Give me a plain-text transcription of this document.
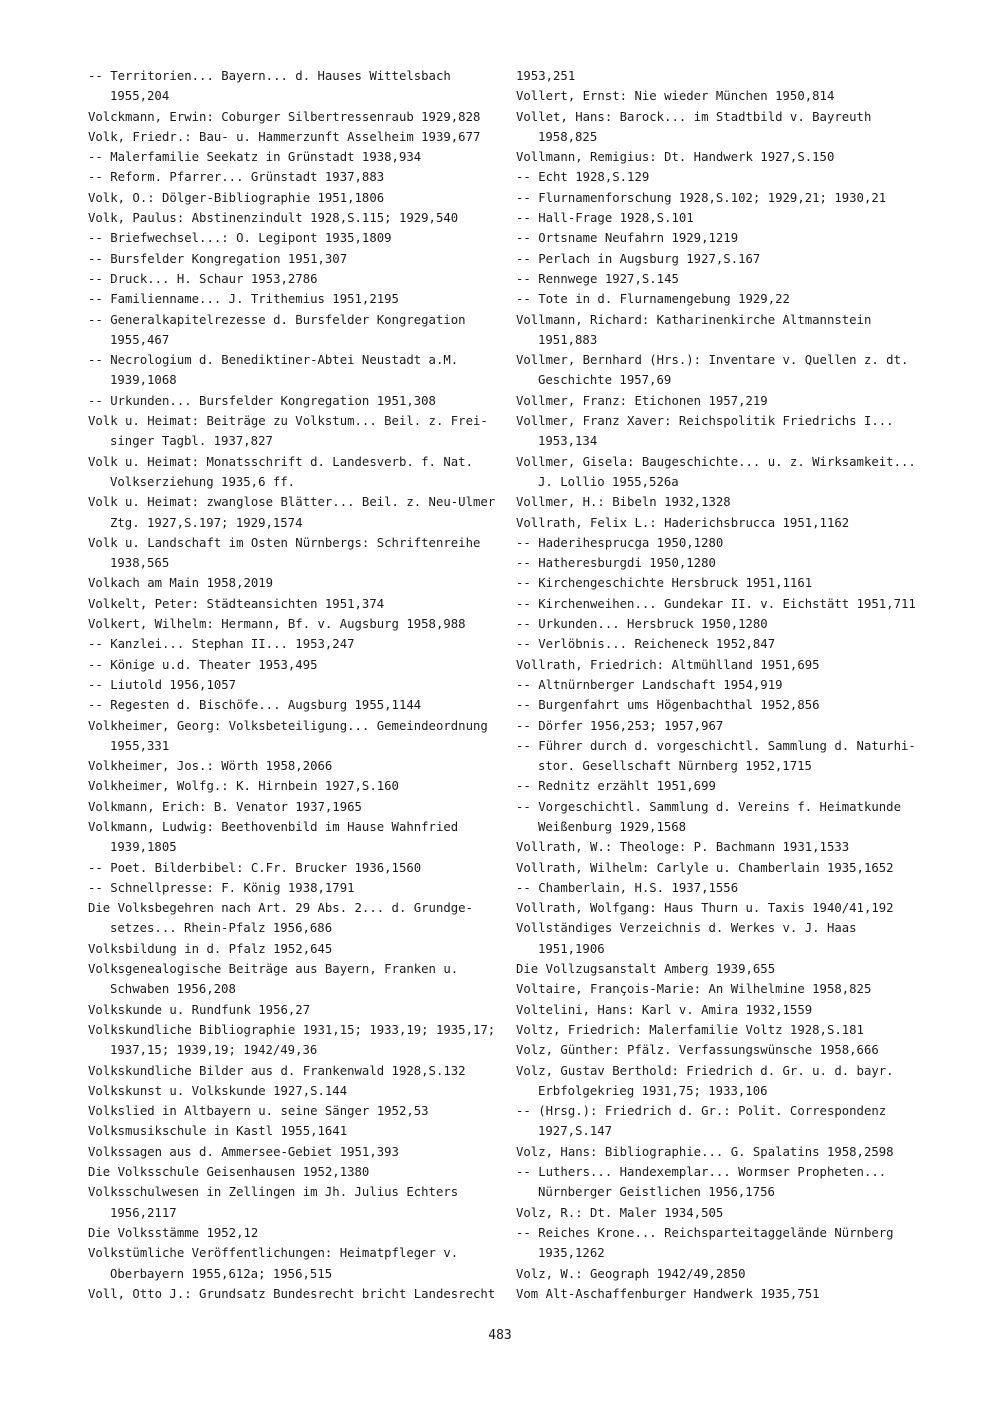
-- Territorien... Bayern... d. Hauses Wittelsbach 1955,204
Volckmann, Erwin: Coburger Silbertressenraub 1929,828
Volk, Friedr.: Bau- u. Hammerzunft Asselheim 1939,677
-- Malerfamilie Seekatz in Grünstadt 1938,934
-- Reform. Pfarrer... Grünstadt 1937,883
Volk, O.: Dölger-Bibliographie 1951,1806
Volk, Paulus: Abstinenzindult 1928,S.115; 1929,540
-- Briefwechsel...: O. Legipont 1935,1809
-- Bursfelder Kongregation 1951,307
-- Druck... H. Schaur 1953,2786
-- Familienname... J. Trithemius 1951,2195
-- Generalkapitelrezesse d. Bursfelder Kongregation 1955,467
-- Necrologium d. Benediktiner-Abtei Neustadt a.M. 1939,1068
-- Urkunden... Bursfelder Kongregation 1951,308
Volk u. Heimat: Beiträge zu Volkstum... Beil. z. Frei-singer Tagbl. 1937,827
Volk u. Heimat: Monatsschrift d. Landesverb. f. Nat. Volkserziehung 1935,6 ff.
Volk u. Heimat: zwanglose Blätter... Beil. z. Neu-Ulmer Ztg. 1927,S.197; 1929,1574
Volk u. Landschaft im Osten Nürnbergs: Schriftenreihe 1938,565
Volkach am Main 1958,2019
Volkelt, Peter: Städteansichten 1951,374
Volkert, Wilhelm: Hermann, Bf. v. Augsburg 1958,988
-- Kanzlei... Stephan II... 1953,247
-- Könige u.d. Theater 1953,495
-- Liutold 1956,1057
-- Regesten d. Bischöfe... Augsburg 1955,1144
Volkheimer, Georg: Volksbeteiligung... Gemeindeordnung 1955,331
Volkheimer, Jos.: Wörth 1958,2066
Volkheimer, Wolfg.: K. Hirnbein 1927,S.160
Volkmann, Erich: B. Venator 1937,1965
Volkmann, Ludwig: Beethovenbild im Hause Wahnfried 1939,1805
-- Poet. Bilderbibel: C.Fr. Brucker 1936,1560
-- Schnellpresse: F. König 1938,1791
Die Volksbegehren nach Art. 29 Abs. 2... d. Grundge-setzes... Rhein-Pfalz 1956,686
Volksbildung in d. Pfalz 1952,645
Volksgenealogische Beiträge aus Bayern, Franken u. Schwaben 1956,208
Volkskunde u. Rundfunk 1956,27
Volkskundliche Bibliographie 1931,15; 1933,19; 1935,17; 1937,15; 1939,19; 1942/49,36
Volkskundliche Bilder aus d. Frankenwald 1928,S.132
Volkskunst u. Volkskunde 1927,S.144
Volkslied in Altbayern u. seine Sänger 1952,53
Volksmusikschule in Kastl 1955,1641
Volkssagen aus d. Ammersee-Gebiet 1951,393
Die Volksschule Geisenhausen 1952,1380
Volksschulwesen in Zellingen im Jh. Julius Echters 1956,2117
Die Volksstämme 1952,12
Volkstümliche Veröffentlichungen: Heimatpfleger v. Oberbayern 1955,612a; 1956,515
Voll, Otto J.: Grundsatz Bundesrecht bricht Landesrecht
1953,251
Vollert, Ernst: Nie wieder München 1950,814
Vollet, Hans: Barock... im Stadtbild v. Bayreuth 1958,825
Vollmann, Remigius: Dt. Handwerk 1927,S.150
-- Echt 1928,S.129
-- Flurnamenforschung 1928,S.102; 1929,21; 1930,21
-- Hall-Frage 1928,S.101
-- Ortsname Neufahrn 1929,1219
-- Perlach in Augsburg 1927,S.167
-- Rennwege 1927,S.145
-- Tote in d. Flurnamengebung 1929,22
Vollmann, Richard: Katharinenkirche Altmannstein 1951,883
Vollmer, Bernhard (Hrs.): Inventare v. Quellen z. dt. Geschichte 1957,69
Vollmer, Franz: Etichonen 1957,219
Vollmer, Franz Xaver: Reichspolitik Friedrichs I... 1953,134
Vollmer, Gisela: Baugeschichte... u. z. Wirksamkeit... J. Lollio 1955,526a
Vollmer, H.: Bibeln 1932,1328
Vollrath, Felix L.: Haderichsbrucca 1951,1162
-- Haderihesprucga 1950,1280
-- Hatheresburgdi 1950,1280
-- Kirchengeschichte Hersbruck 1951,1161
-- Kirchenweihen... Gundekar II. v. Eichstätt 1951,711
-- Urkunden... Hersbruck 1950,1280
-- Verlöbnis... Reicheneck 1952,847
Vollrath, Friedrich: Altmühlland 1951,695
-- Altnürnberger Landschaft 1954,919
-- Burgenfahrt ums Högenbachthal 1952,856
-- Dörfer 1956,253; 1957,967
-- Führer durch d. vorgeschichtl. Sammlung d. Naturhi-stor. Gesellschaft Nürnberg 1952,1715
-- Rednitz erzählt 1951,699
-- Vorgeschichtl. Sammlung d. Vereins f. Heimatkunde Weißenburg 1929,1568
Vollrath, W.: Theologe: P. Bachmann 1931,1533
Vollrath, Wilhelm: Carlyle u. Chamberlain 1935,1652
-- Chamberlain, H.S. 1937,1556
Vollrath, Wolfgang: Haus Thurn u. Taxis 1940/41,192
Vollständiges Verzeichnis d. Werkes v. J. Haas 1951,1906
Die Vollzugsanstalt Amberg 1939,655
Voltaire, François-Marie: An Wilhelmine 1958,825
Voltelini, Hans: Karl v. Amira 1932,1559
Voltz, Friedrich: Malerfamilie Voltz 1928,S.181
Volz, Günther: Pfälz. Verfassungswünsche 1958,666
Volz, Gustav Berthold: Friedrich d. Gr. u. d. bayr. Erbfolgekrieg 1931,75; 1933,106
-- (Hrsg.): Friedrich d. Gr.: Polit. Correspondenz 1927,S.147
Volz, Hans: Bibliographie... G. Spalatins 1958,2598
-- Luthers... Handexemplar... Wormser Propheten... Nürnberger Geistlichen 1956,1756
Volz, R.: Dt. Maler 1934,505
-- Reiches Krone... Reichsparteitaggelände Nürnberg 1935,1262
Volz, W.: Geograph 1942/49,2850
Vom Alt-Aschaffenburger Handwerk 1935,751
483
